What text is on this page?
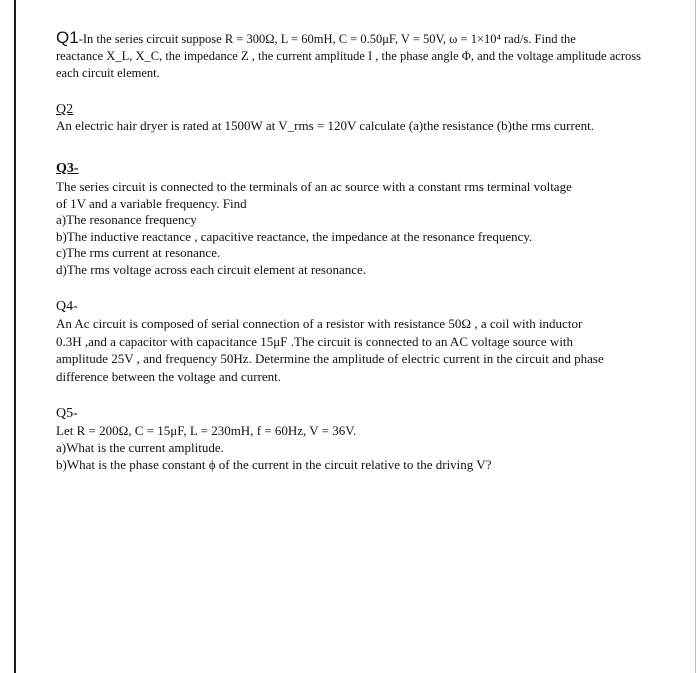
Q1-In the series circuit suppose R = 300Ω, L = 60mH, C = 0.50μF, V = 50V, ω = 1×10⁴ rad/s. Find the
reactance X_L, X_C, the impedance Z , the current amplitude I , the phase angle Φ, and the voltage amplitude across
each circuit element.
Q2
An electric hair dryer is rated at 1500W at V_rms = 120V calculate (a)the resistance (b)the rms current.
Q3-
The series circuit is connected to the terminals of an ac source with a constant rms terminal voltage
of 1V and a variable frequency. Find
a)The resonance frequency
b)The inductive reactance , capacitive reactance, the impedance at the resonance frequency.
c)The rms current at resonance.
d)The rms voltage across each circuit element at resonance.
Q4-
An Ac circuit is composed of serial connection of a resistor with resistance 50Ω , a coil with inductor
0.3H ,and a capacitor with capacitance 15μF .The circuit is connected to an AC voltage source with
amplitude 25V , and frequency 50Hz. Determine the amplitude of electric current in the circuit and phase
difference between the voltage and current.
Q5-
Let R = 200Ω, C = 15μF, L = 230mH, f = 60Hz, V = 36V.
a)What is the current amplitude.
b)What is the phase constant ϕ of the current in the circuit relative to the driving V?
